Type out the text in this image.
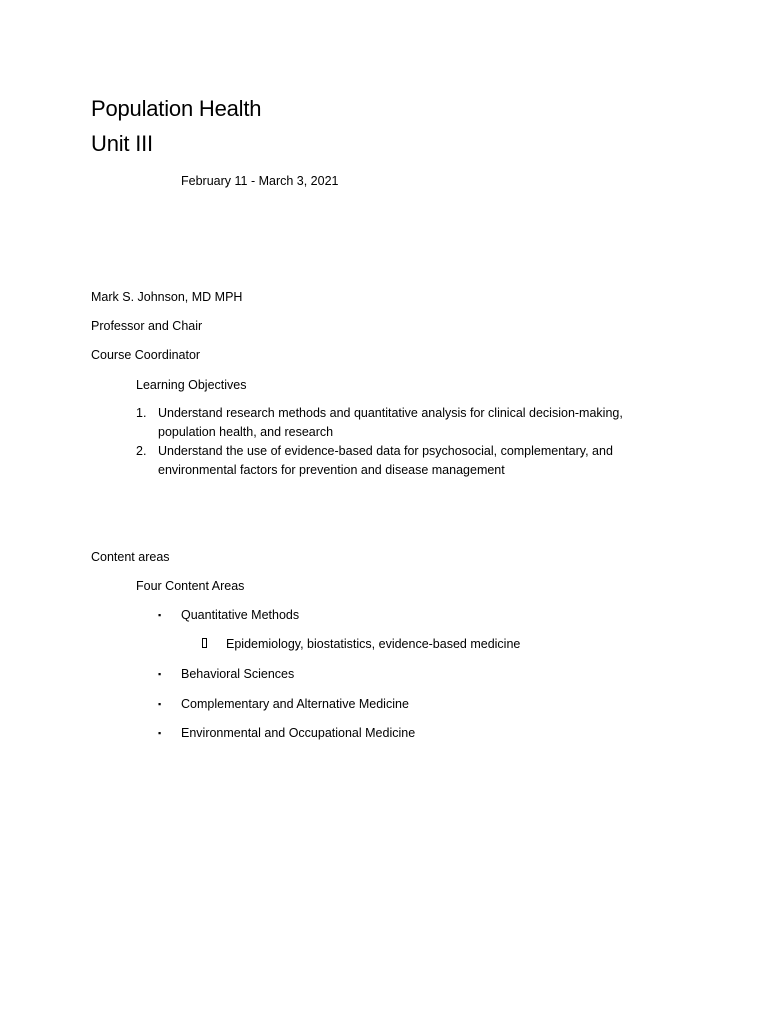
Population Health
Unit III

February 11 - March 3, 2021

Mark S. Johnson, MD MPH

Professor and Chair

Course Coordinator

Learning Objectives

1. Understand research methods and quantitative analysis for clinical decision-making, population health, and research
2. Understand the use of evidence-based data for psychosocial, complementary, and environmental factors for prevention and disease management

Content areas

Four Content Areas

▪ Quantitative Methods
Epidemiology, biostatistics, evidence-based medicine
▪ Behavioral Sciences
▪ Complementary and Alternative Medicine
▪ Environmental and Occupational Medicine
